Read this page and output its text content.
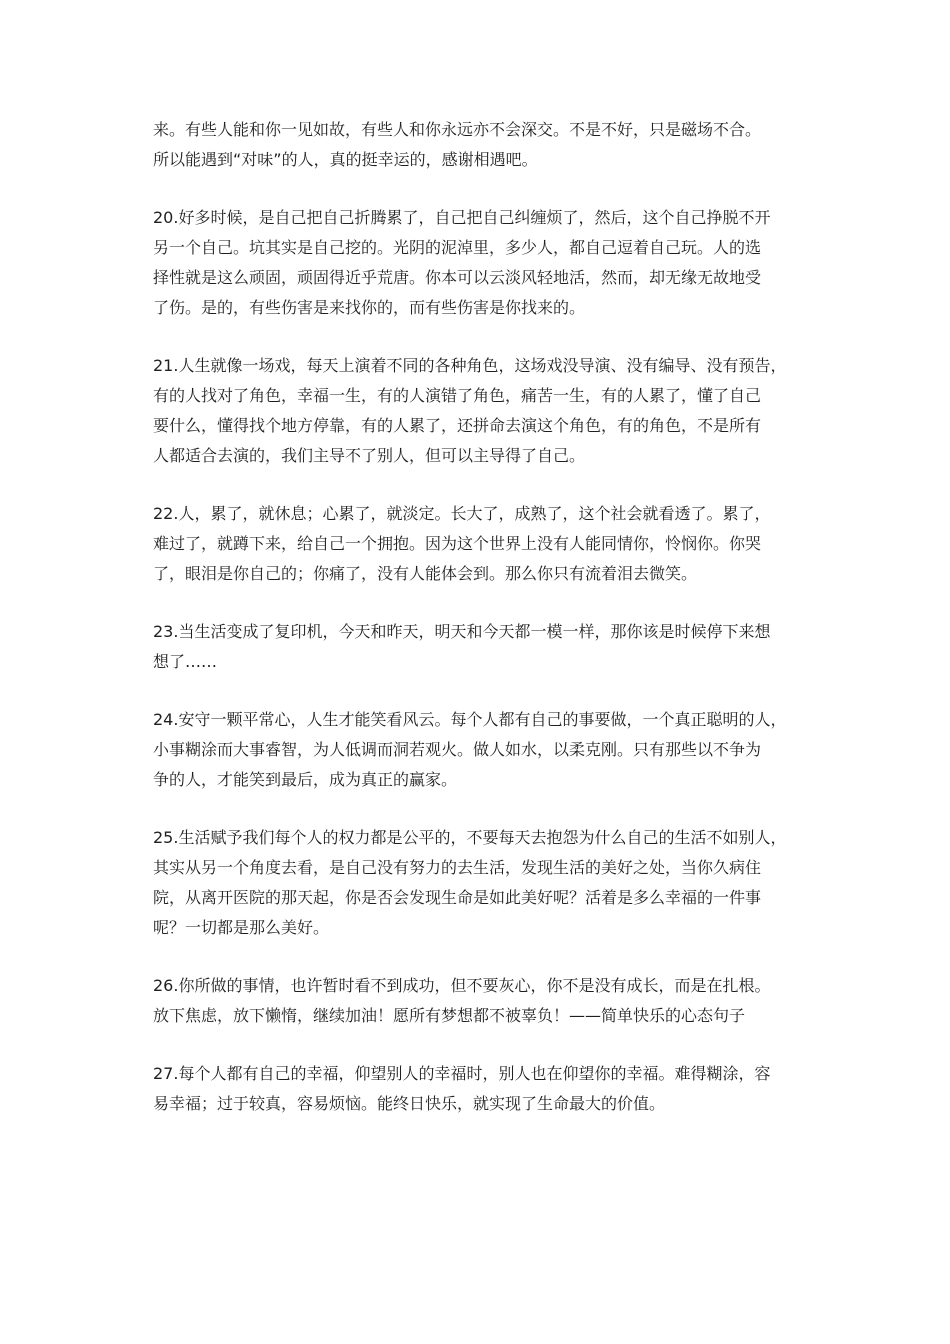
来。有些人能和你一见如故，有些人和你永远亦不会深交。不是不好，只是磁场不合。
所以能遇到“对味”的人，真的挺幸运的，感谢相遇吧。
20.好多时候，是自己把自己折腾累了，自己把自己纠缠烦了，然后，这个自己挣脱不开
另一个自己。坑其实是自己挖的。光阴的泥淖里，多少人，都自己逗着自己玩。人的选
择性就是这么顽固，顽固得近乎荒唐。你本可以云淡风轻地活，然而，却无缘无故地受
了伤。是的，有些伤害是来找你的，而有些伤害是你找来的。
21.人生就像一场戏，每天上演着不同的各种角色，这场戏没导演、没有编导、没有预告，
有的人找对了角色，幸福一生，有的人演错了角色，痛苦一生，有的人累了，懂了自己
要什么，懂得找个地方停靠，有的人累了，还拼命去演这个角色，有的角色，不是所有
人都适合去演的，我们主导不了别人，但可以主导得了自己。
22.人，累了，就休息；心累了，就淡定。长大了，成熟了，这个社会就看透了。累了，
难过了，就蹲下来，给自己一个拥抱。因为这个世界上没有人能同情你，怜悯你。你哭
了，眼泪是你自己的；你痛了，没有人能体会到。那么你只有流着泪去微笑。
23.当生活变成了复印机，今天和昨天，明天和今天都一模一样，那你该是时候停下来想
想了……
24.安守一颗平常心，人生才能笑看风云。每个人都有自己的事要做，一个真正聪明的人，
小事糊涂而大事睿智，为人低调而洞若观火。做人如水，以柔克刚。只有那些以不争为
争的人，才能笑到最后，成为真正的赢家。
25.生活赋予我们每个人的权力都是公平的，不要每天去抱怨为什么自己的生活不如别人，
其实从另一个角度去看，是自己没有努力的去生活，发现生活的美好之处，当你久病住
院，从离开医院的那天起，你是否会发现生命是如此美好呢？活着是多么幸福的一件事
呢？一切都是那么美好。
26.你所做的事情，也许暂时看不到成功，但不要灰心，你不是没有成长，而是在扎根。
放下焦虑，放下懒惰，继续加油！愿所有梦想都不被辜负！——简单快乐的心态句子
27.每个人都有自己的幸福，仰望别人的幸福时，别人也在仰望你的幸福。难得糊涂，容
易幸福；过于较真，容易烦恼。能终日快乐，就实现了生命最大的价值。
